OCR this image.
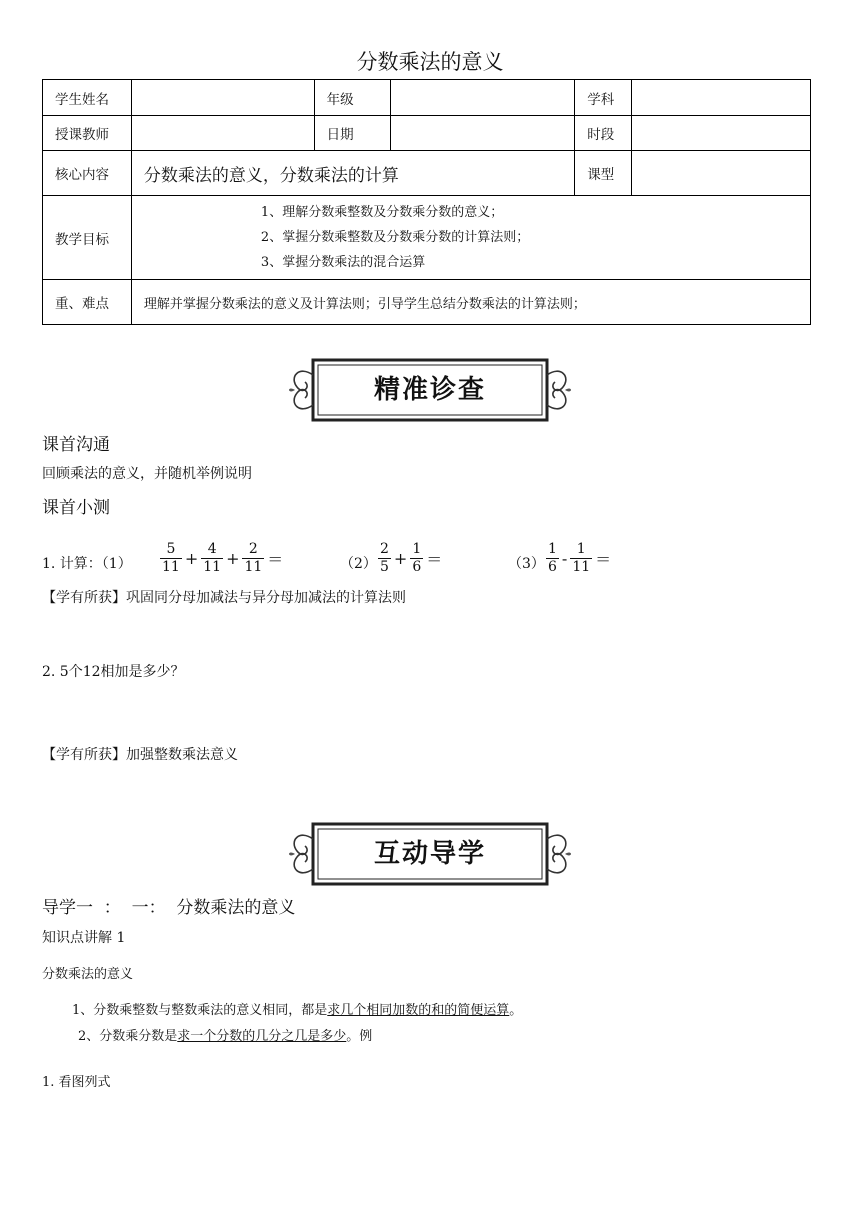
分数乘法的意义
学生姓名		年级		学科	
授课教师		日期		时段	
核心内容	分数乘法的意义，分数乘法的计算			课型	
教学目标	1、理解分数乘整数及分数乘分数的意义；
2、掌握分数乘整数及分数乘分数的计算法则；
3、掌握分数乘法的混合运算				

重、难点	理解并掌握分数乘法的意义及计算法则；引导学生总结分数乘法的计算法则；				
精准诊查
课首沟通
回顾乘法的意义，并随机举例说明
课首小测
1. 计算：$(1) \frac{5}{11} + \frac{4}{11} + \frac{2}{11}$ ＝	$(2) \frac{2}{5} + \frac{1}{6}$ ＝	$(3) \frac{1}{6} - \frac{1}{11}$ ＝
【学有所获】巩固同分母加减法与异分母加减法的计算法则
2. 5个12相加是多少？
【学有所获】加强整数乘法意义
互动导学
导学一  ：  一：  分数乘法的意义
知识点讲解 1
分数乘法的意义
1、分数乘整数与整数乘法的意义相同，都是求几个相同加数的和的简便运算。
2、分数乘分数是求一个分数的几分之几是多少。例
1. 看图列式
